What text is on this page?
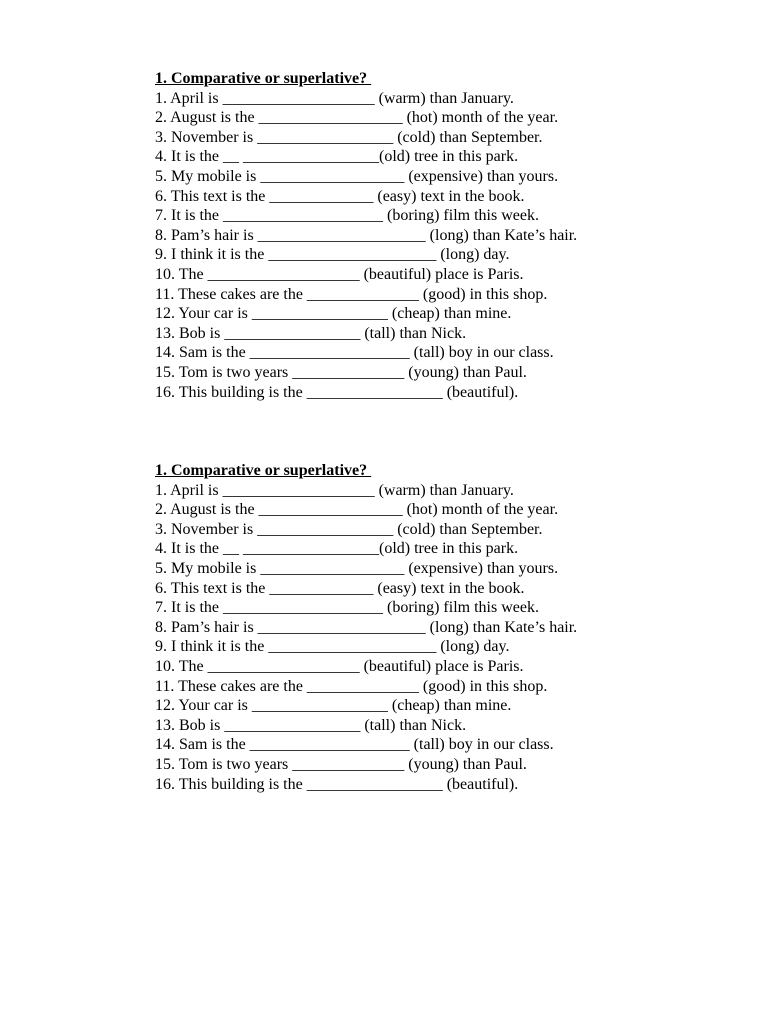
1. Comparative or superlative?

1. April is ___________________ (warm) than January.
2. August is the __________________ (hot) month of the year.
3. November is _________________ (cold) than September.
4. It is the __ _________________(old) tree in this park.
5. My mobile is __________________ (expensive) than yours.
6. This text is the _____________ (easy) text in the book.
7. It is the ____________________ (boring) film this week.
8. Pam’s hair is _____________________ (long) than Kate’s hair.
9. I think it is the _____________________ (long) day.
10. The ___________________ (beautiful) place is Paris.
11. These cakes are the ______________ (good) in this shop.
12. Your car is _________________ (cheap) than mine.
13. Bob is _________________ (tall) than Nick.
14. Sam is the ____________________ (tall) boy in our class.
15. Tom is two years ______________ (young) than Paul.
16. This building is the _________________ (beautiful).

1. Comparative or superlative?

1. April is ___________________ (warm) than January.
2. August is the __________________ (hot) month of the year.
3. November is _________________ (cold) than September.
4. It is the __ _________________(old) tree in this park.
5. My mobile is __________________ (expensive) than yours.
6. This text is the _____________ (easy) text in the book.
7. It is the ____________________ (boring) film this week.
8. Pam’s hair is _____________________ (long) than Kate’s hair.
9. I think it is the _____________________ (long) day.
10. The ___________________ (beautiful) place is Paris.
11. These cakes are the ______________ (good) in this shop.
12. Your car is _________________ (cheap) than mine.
13. Bob is _________________ (tall) than Nick.
14. Sam is the ____________________ (tall) boy in our class.
15. Tom is two years ______________ (young) than Paul.
16. This building is the _________________ (beautiful).
